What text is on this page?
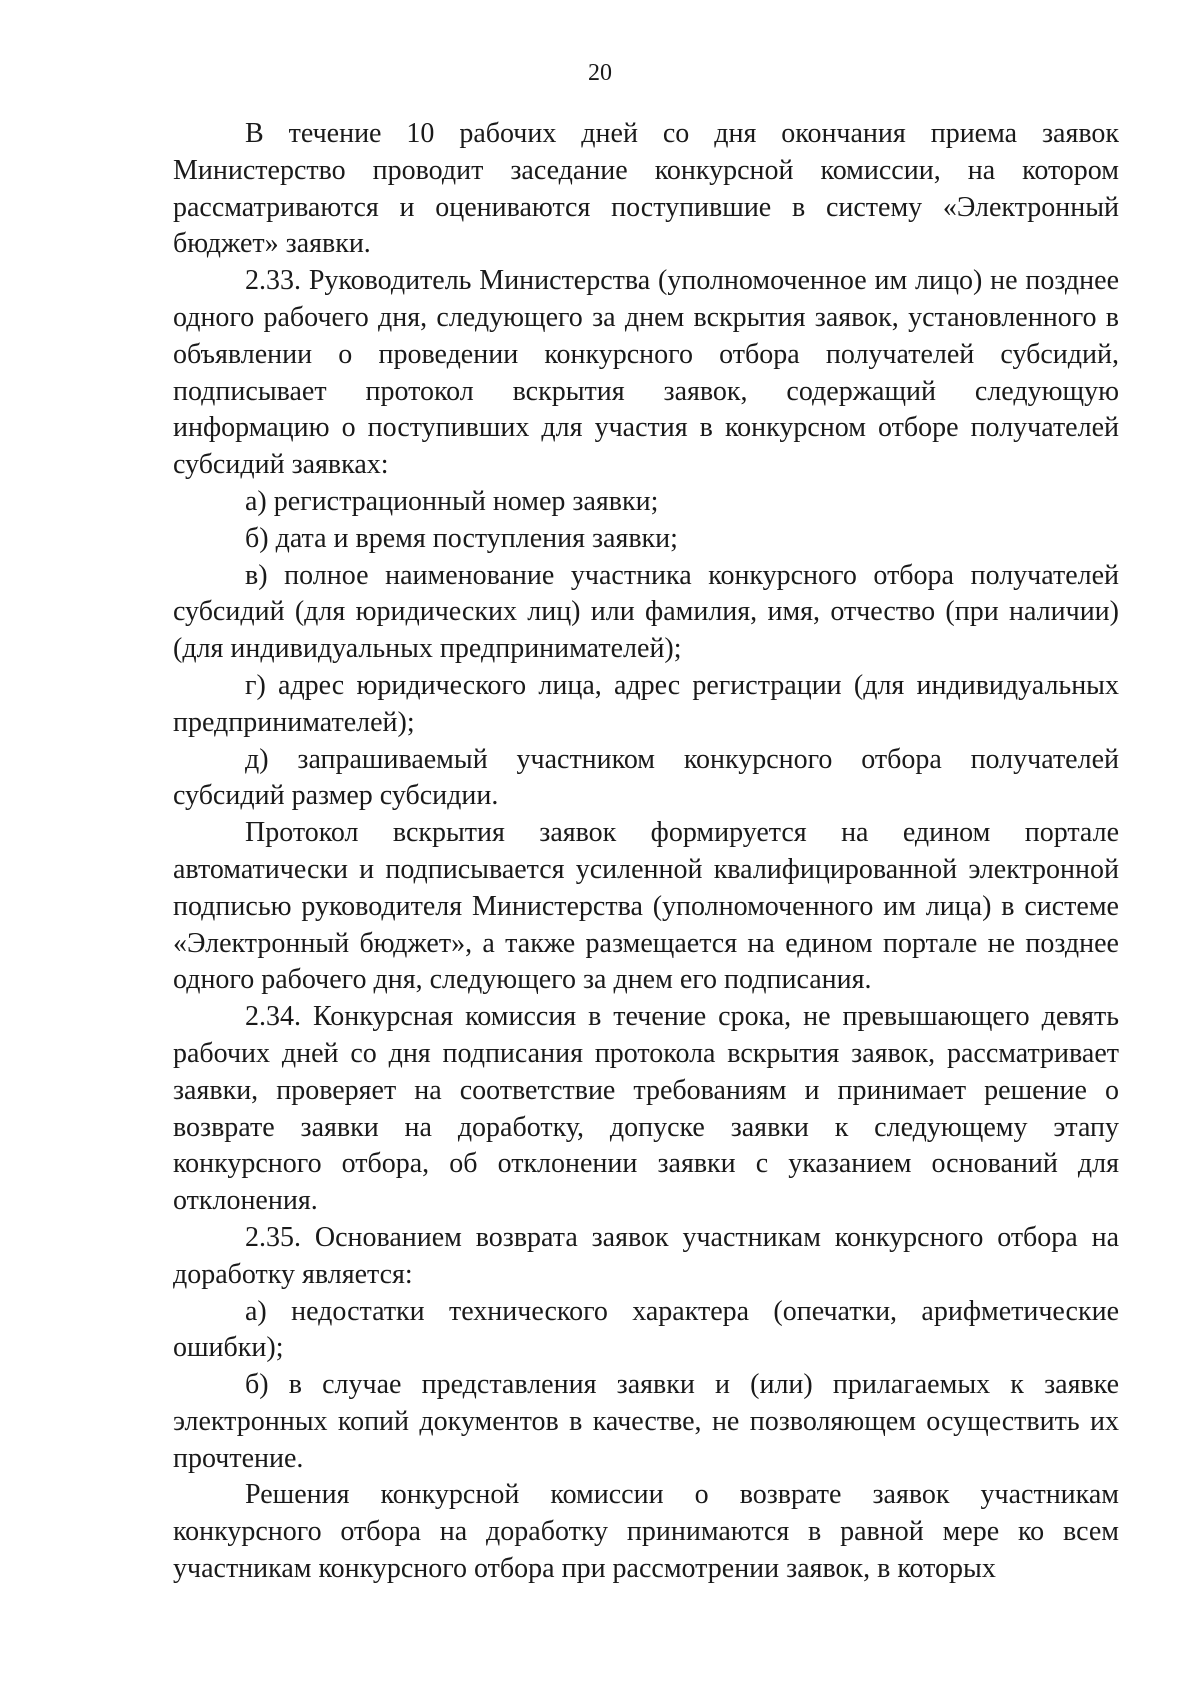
20

В течение 10 рабочих дней со дня окончания приема заявок Министерство проводит заседание конкурсной комиссии, на котором рассматриваются и оцениваются поступившие в систему «Электронный бюджет» заявки.

2.33. Руководитель Министерства (уполномоченное им лицо) не позднее одного рабочего дня, следующего за днем вскрытия заявок, установленного в объявлении о проведении конкурсного отбора получателей субсидий, подписывает протокол вскрытия заявок, содержащий следующую информацию о поступивших для участия в конкурсном отборе получателей субсидий заявках:

а) регистрационный номер заявки;

б) дата и время поступления заявки;

в) полное наименование участника конкурсного отбора получателей субсидий (для юридических лиц) или фамилия, имя, отчество (при наличии) (для индивидуальных предпринимателей);

г) адрес юридического лица, адрес регистрации (для индивидуальных предпринимателей);

д) запрашиваемый участником конкурсного отбора получателей субсидий размер субсидии.

Протокол вскрытия заявок формируется на едином портале автоматически и подписывается усиленной квалифицированной электронной подписью руководителя Министерства (уполномоченного им лица) в системе «Электронный бюджет», а также размещается на едином портале не позднее одного рабочего дня, следующего за днем его подписания.

2.34. Конкурсная комиссия в течение срока, не превышающего девять рабочих дней со дня подписания протокола вскрытия заявок, рассматривает заявки, проверяет на соответствие требованиям и принимает решение о возврате заявки на доработку, допуске заявки к следующему этапу конкурсного отбора, об отклонении заявки с указанием оснований для отклонения.

2.35. Основанием возврата заявок участникам конкурсного отбора на доработку является:

а) недостатки технического характера (опечатки, арифметические ошибки);

б) в случае представления заявки и (или) прилагаемых к заявке электронных копий документов в качестве, не позволяющем осуществить их прочтение.

Решения конкурсной комиссии о возврате заявок участникам конкурсного отбора на доработку принимаются в равной мере ко всем участникам конкурсного отбора при рассмотрении заявок, в которых
